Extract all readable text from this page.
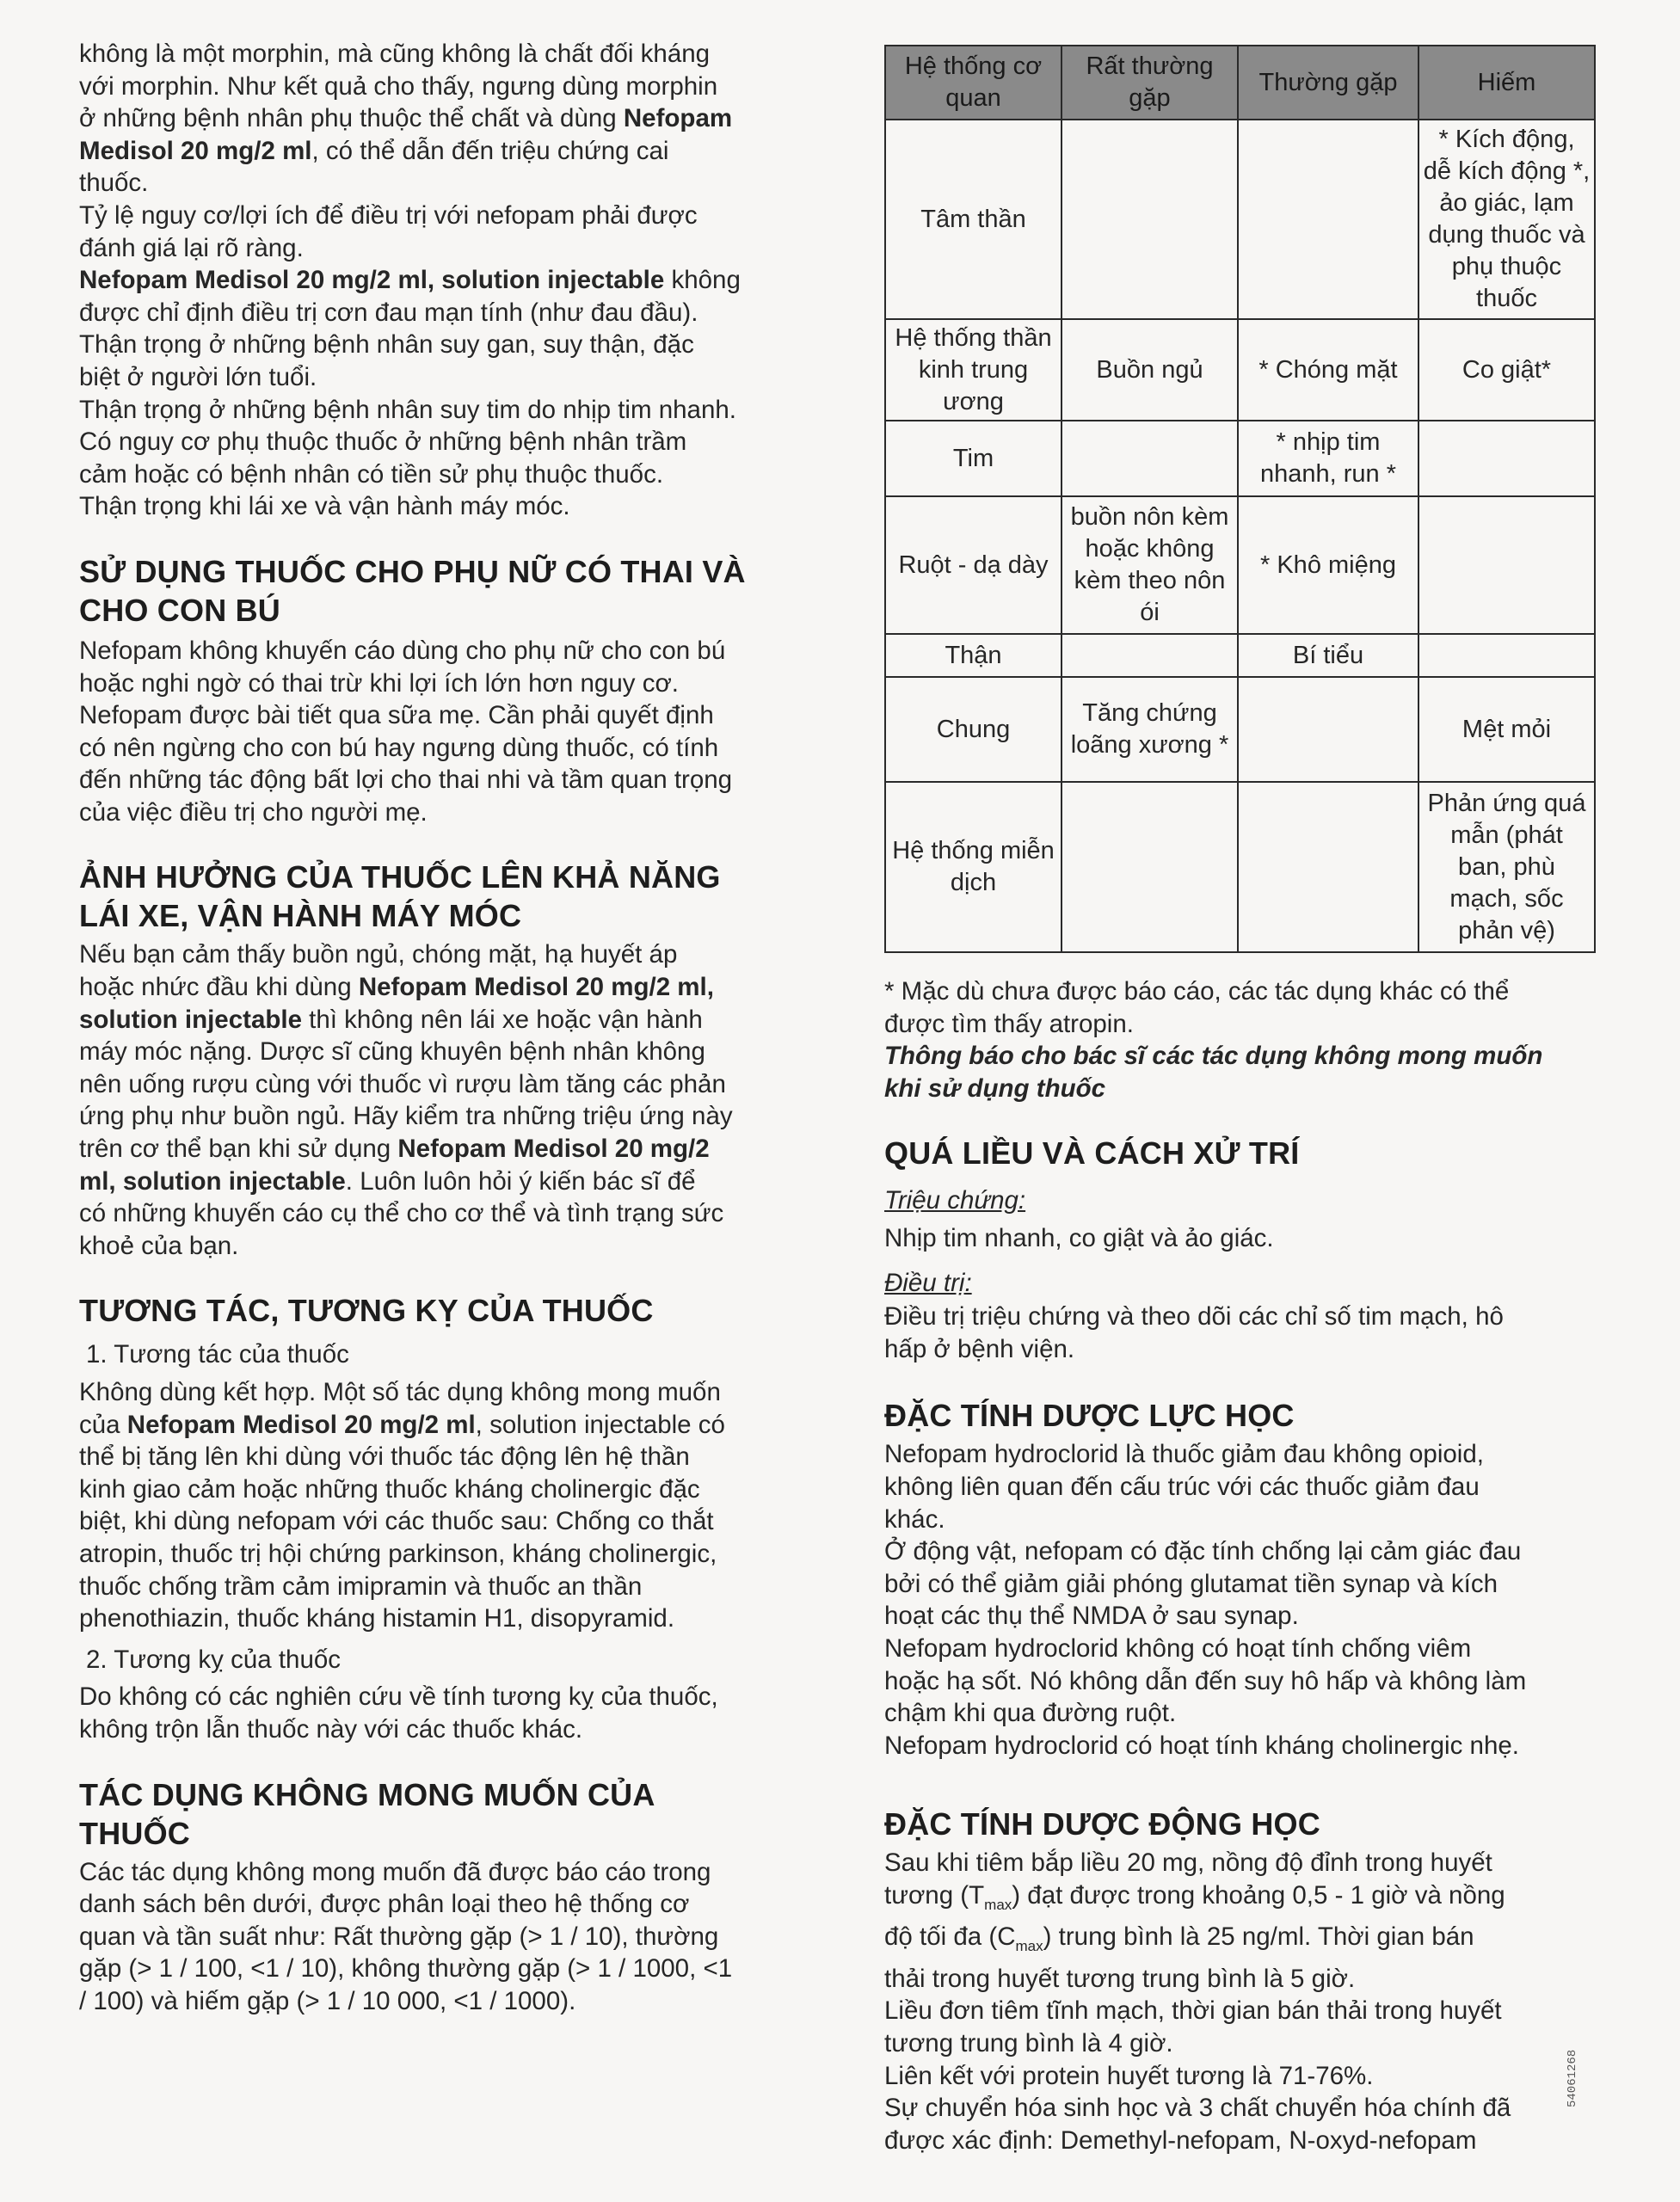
không là một morphin, mà cũng không là chất đối kháng

với morphin. Như kết quả cho thấy, ngưng dùng morphin

ở những bệnh nhân phụ thuộc thể chất và dùng Nefopam

Medisol 20 mg/2 ml, có thể dẫn đến triệu chứng cai

thuốc.

Tỷ lệ nguy cơ/lợi ích để điều trị với nefopam phải được

đánh giá lại rõ ràng.

Nefopam Medisol 20 mg/2 ml, solution injectable không

được chỉ định điều trị cơn đau mạn tính (như đau đầu).

Thận trọng ở những bệnh nhân suy gan, suy thận, đặc

biệt ở người lớn tuổi.

Thận trọng ở những bệnh nhân suy tim do nhịp tim nhanh.

Có nguy cơ phụ thuộc thuốc ở những bệnh nhân trầm

cảm hoặc có bệnh nhân có tiền sử phụ thuộc thuốc.

Thận trọng khi lái xe và vận hành máy móc.

SỬ DỤNG THUỐC CHO PHỤ NỮ CÓ THAI VÀ
CHO CON BÚ

Nefopam không khuyến cáo dùng cho phụ nữ cho con bú

hoặc nghi ngờ có thai trừ khi lợi ích lớn hơn nguy cơ.

Nefopam được bài tiết qua sữa mẹ. Cần phải quyết định

có nên ngừng cho con bú hay ngưng dùng thuốc, có tính

đến những tác động bất lợi cho thai nhi và tầm quan trọng

của việc điều trị cho người mẹ.

ẢNH HƯỞNG CỦA THUỐC LÊN KHẢ NĂNG
LÁI XE, VẬN HÀNH MÁY MÓC

Nếu bạn cảm thấy buồn ngủ, chóng mặt, hạ huyết áp

hoặc nhức đầu khi dùng Nefopam Medisol 20 mg/2 ml,

solution injectable thì không nên lái xe hoặc vận hành

máy móc nặng. Dược sĩ cũng khuyên bệnh nhân không

nên uống rượu cùng với thuốc vì rượu làm tăng các phản

ứng phụ như buồn ngủ. Hãy kiểm tra những triệu ứng này

trên cơ thể bạn khi sử dụng Nefopam Medisol 20 mg/2

ml, solution injectable. Luôn luôn hỏi ý kiến bác sĩ để

có những khuyến cáo cụ thể cho cơ thể và tình trạng sức

khoẻ của bạn.

TƯƠNG TÁC, TƯƠNG KỴ CỦA THUỐC

1. Tương tác của thuốc

Không dùng kết hợp. Một số tác dụng không mong muốn

của Nefopam Medisol 20 mg/2 ml, solution injectable có

thể bị tăng lên khi dùng với thuốc tác động lên hệ thần

kinh giao cảm hoặc những thuốc kháng cholinergic đặc

biệt, khi dùng nefopam với các thuốc sau: Chống co thắt

atropin, thuốc trị hội chứng parkinson, kháng cholinergic,

thuốc chống trầm cảm imipramin và thuốc an thần

phenothiazin, thuốc kháng histamin H1, disopyramid.

2. Tương kỵ của thuốc

Do không có các nghiên cứu về tính tương kỵ của thuốc,

không trộn lẫn thuốc này với các thuốc khác.

TÁC DỤNG KHÔNG MONG MUỐN CỦA
THUỐC

Các tác dụng không mong muốn đã được báo cáo trong

danh sách bên dưới, được phân loại theo hệ thống cơ

quan và tần suất như: Rất thường gặp (> 1 / 10), thường

gặp (> 1 / 100, <1 / 10), không thường gặp (> 1 / 1000, <1

/ 100) và hiếm gặp (> 1 / 10 000, <1 / 1000).

Hệ thống cơ quan	Rất thường gặp	Thường gặp	Hiếm
Tâm thần			* Kích động, dễ kích động *, ảo giác, lạm dụng thuốc và phụ thuộc thuốc
Hệ thống thần kinh trung ương	Buồn ngủ	* Chóng mặt	Co giật*
Tim		* nhịp tim nhanh, run *	
Ruột - dạ dày	buồn nôn kèm hoặc không kèm theo nôn ói	* Khô miệng	
Thận		Bí tiểu	
Chung	Tăng chứng loãng xương *		Mệt mỏi
Hệ thống miễn dịch			Phản ứng quá mẫn (phát ban, phù mạch, sốc phản vệ)

* Mặc dù chưa được báo cáo, các tác dụng khác có thể

được tìm thấy atropin.

Thông báo cho bác sĩ các tác dụng không mong muốn

khi sử dụng thuốc

QUÁ LIỀU VÀ CÁCH XỬ TRÍ

Triệu chứng:

Nhịp tim nhanh, co giật và ảo giác.

Điều trị:

Điều trị triệu chứng và theo dõi các chỉ số tim mạch, hô

hấp ở bệnh viện.

ĐẶC TÍNH DƯỢC LỰC HỌC

Nefopam hydroclorid là thuốc giảm đau không opioid,

không liên quan đến cấu trúc với các thuốc giảm đau

khác.

Ở động vật, nefopam có đặc tính chống lại cảm giác đau

bởi có thể giảm giải phóng glutamat tiền synap và kích

hoạt các thụ thể NMDA ở sau synap.

Nefopam hydroclorid không có hoạt tính chống viêm

hoặc hạ sốt. Nó không dẫn đến suy hô hấp và không làm

chậm khi qua đường ruột.

Nefopam hydroclorid có hoạt tính kháng cholinergic nhẹ.

ĐẶC TÍNH DƯỢC ĐỘNG HỌC

Sau khi tiêm bắp liều 20 mg, nồng độ đỉnh trong huyết

tương $(T_{max})$ đạt được trong khoảng 0,5 - 1 giờ và nồng

độ tối đa $(C_{max})$ trung bình là 25 ng/ml. Thời gian bán

thải trong huyết tương trung bình là 5 giờ.

Liều đơn tiêm tĩnh mạch, thời gian bán thải trong huyết

tương trung bình là 4 giờ.

Liên kết với protein huyết tương là 71-76%.

Sự chuyển hóa sinh học và 3 chất chuyển hóa chính đã

được xác định: Demethyl-nefopam, N-oxyd-nefopam

54061268
